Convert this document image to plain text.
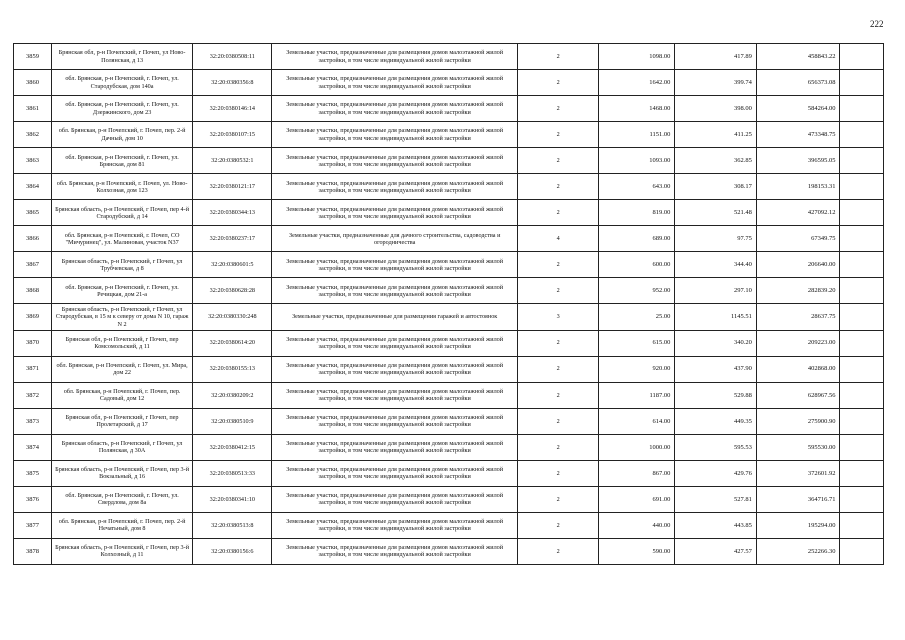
222
3859	Брянская обл, р-н Почепский, г Почеп, ул Ново-Полянская, д 13	32:20:0380508:11	Земельные участки, предназначенные для размещения домов малоэтажной жилой застройки, в том числе индивидуальной жилой застройки	2	1098.00	417.89	458843.22	
3860	обл. Брянская, р-н Почепский, г. Почеп, ул. Стародубская, дом 140а	32:20:0380356:8	Земельные участки, предназначенные для размещения домов малоэтажной жилой застройки, в том числе индивидуальной жилой застройки	2	1642.00	399.74	656373.08	
3861	обл. Брянская, р-н Почепский, г. Почеп, ул. Дзержинского, дом 23	32:20:0380146:14	Земельные участки, предназначенные для размещения домов малоэтажной жилой застройки, в том числе индивидуальной жилой застройки	2	1468.00	398.00	584264.00	
3862	обл. Брянская, р-н Почепский, г. Почеп, пер. 2-й Дачный, дом 10	32:20:0380107:15	Земельные участки, предназначенные для размещения домов малоэтажной жилой застройки, в том числе индивидуальной жилой застройки	2	1151.00	411.25	473348.75	
3863	обл. Брянская, р-н Почепский, г. Почеп, ул. Брянская, дом 81	32:20:0380532:1	Земельные участки, предназначенные для размещения домов малоэтажной жилой застройки, в том числе индивидуальной жилой застройки	2	1093.00	362.85	396595.05	
3864	обл. Брянская, р-н Почепский, г. Почеп, ул. Ново-Колхозная, дом 123	32:20:0380121:17	Земельные участки, предназначенные для размещения домов малоэтажной жилой застройки, в том числе индивидуальной жилой застройки	2	643.00	308.17	198153.31	
3865	Брянская область, р-н Почепский, г Почеп, пер 4-й Стародубский, д 14	32:20:0380344:13	Земельные участки, предназначенные для размещения домов малоэтажной жилой застройки, в том числе индивидуальной жилой застройки	2	819.00	521.48	427092.12	
3866	обл. Брянская, р-н Почепский, г. Почеп, СО "Мичуринец", ул. Малиновая, участок N37	32:20:0380237:17	Земельные участки, предназначенные для дачного строительства, садоводства и огородничества	4	689.00	97.75	67349.75	
3867	Брянская область, р-н Почепский, г Почеп, ул Трубчевская, д 8	32:20:0380601:5	Земельные участки, предназначенные для размещения домов малоэтажной жилой застройки, в том числе индивидуальной жилой застройки	2	600.00	344.40	206640.00	
3868	обл. Брянская, р-н Почепский, г. Почеп, ул. Речицкая, дом 21-а	32:20:0380628:28	Земельные участки, предназначенные для размещения домов малоэтажной жилой застройки, в том числе индивидуальной жилой застройки	2	952.00	297.10	282839.20	
3869	Брянская область, р-н Почепский, г Почеп, ул Стародубская, в 15 м к северу от дома N 10, гараж N 2	32:20:0380330:248	Земельные участки, предназначенные для размещения гаражей и автостоянок	3	25.00	1145.51	28637.75	
3870	Брянская обл, р-н Почепский, г Почеп, пер Комсомольский, д 11	32:20:0380614:20	Земельные участки, предназначенные для размещения домов малоэтажной жилой застройки, в том числе индивидуальной жилой застройки	2	615.00	340.20	209223.00	
3871	обл. Брянская, р-н Почепский, г. Почеп, ул. Мира, дом 22	32:20:0380155:13	Земельные участки, предназначенные для размещения домов малоэтажной жилой застройки, в том числе индивидуальной жилой застройки	2	920.00	437.90	402868.00	
3872	обл. Брянская, р-н Почепский, г. Почеп, пер. Садовый, дом 12	32:20:0380209:2	Земельные участки, предназначенные для размещения домов малоэтажной жилой застройки, в том числе индивидуальной жилой застройки	2	1187.00	529.88	628967.56	
3873	Брянская обл, р-н Почепский, г Почеп, пер Пролетарский, д 17	32:20:0380510:9	Земельные участки, предназначенные для размещения домов малоэтажной жилой застройки, в том числе индивидуальной жилой застройки	2	614.00	449.35	275900.90	
3874	Брянская область, р-н Почепский, г Почеп, ул Полянская, д 30А	32:20:0380412:15	Земельные участки, предназначенные для размещения домов малоэтажной жилой застройки, в том числе индивидуальной жилой застройки	2	1000.00	595.53	595530.00	
3875	Брянская область, р-н Почепский, г Почеп, пер 3-й Вокзальный, д 16	32:20:0380513:33	Земельные участки, предназначенные для размещения домов малоэтажной жилой застройки, в том числе индивидуальной жилой застройки	2	867.00	429.76	372601.92	
3876	обл. Брянская, р-н Почепский, г. Почеп, ул. Свердлова, дом 8а	32:20:0380341:10	Земельные участки, предназначенные для размещения домов малоэтажной жилой застройки, в том числе индивидуальной жилой застройки	2	691.00	527.81	364716.71	
3877	обл. Брянская, р-н Почепский, г. Почеп, пер. 2-й Нечатьный, дом 8	32:20:0380513:8	Земельные участки, предназначенные для размещения домов малоэтажной жилой застройки, в том числе индивидуальной жилой застройки	2	440.00	443.85	195294.00	
3878	Брянская область, р-н Почепский, г Почеп, пер 3-й Колхозный, д 11	32:20:0380156:6	Земельные участки, предназначенные для размещения домов малоэтажной жилой застройки, в том числе индивидуальной жилой застройки	2	590.00	427.57	252266.30	
